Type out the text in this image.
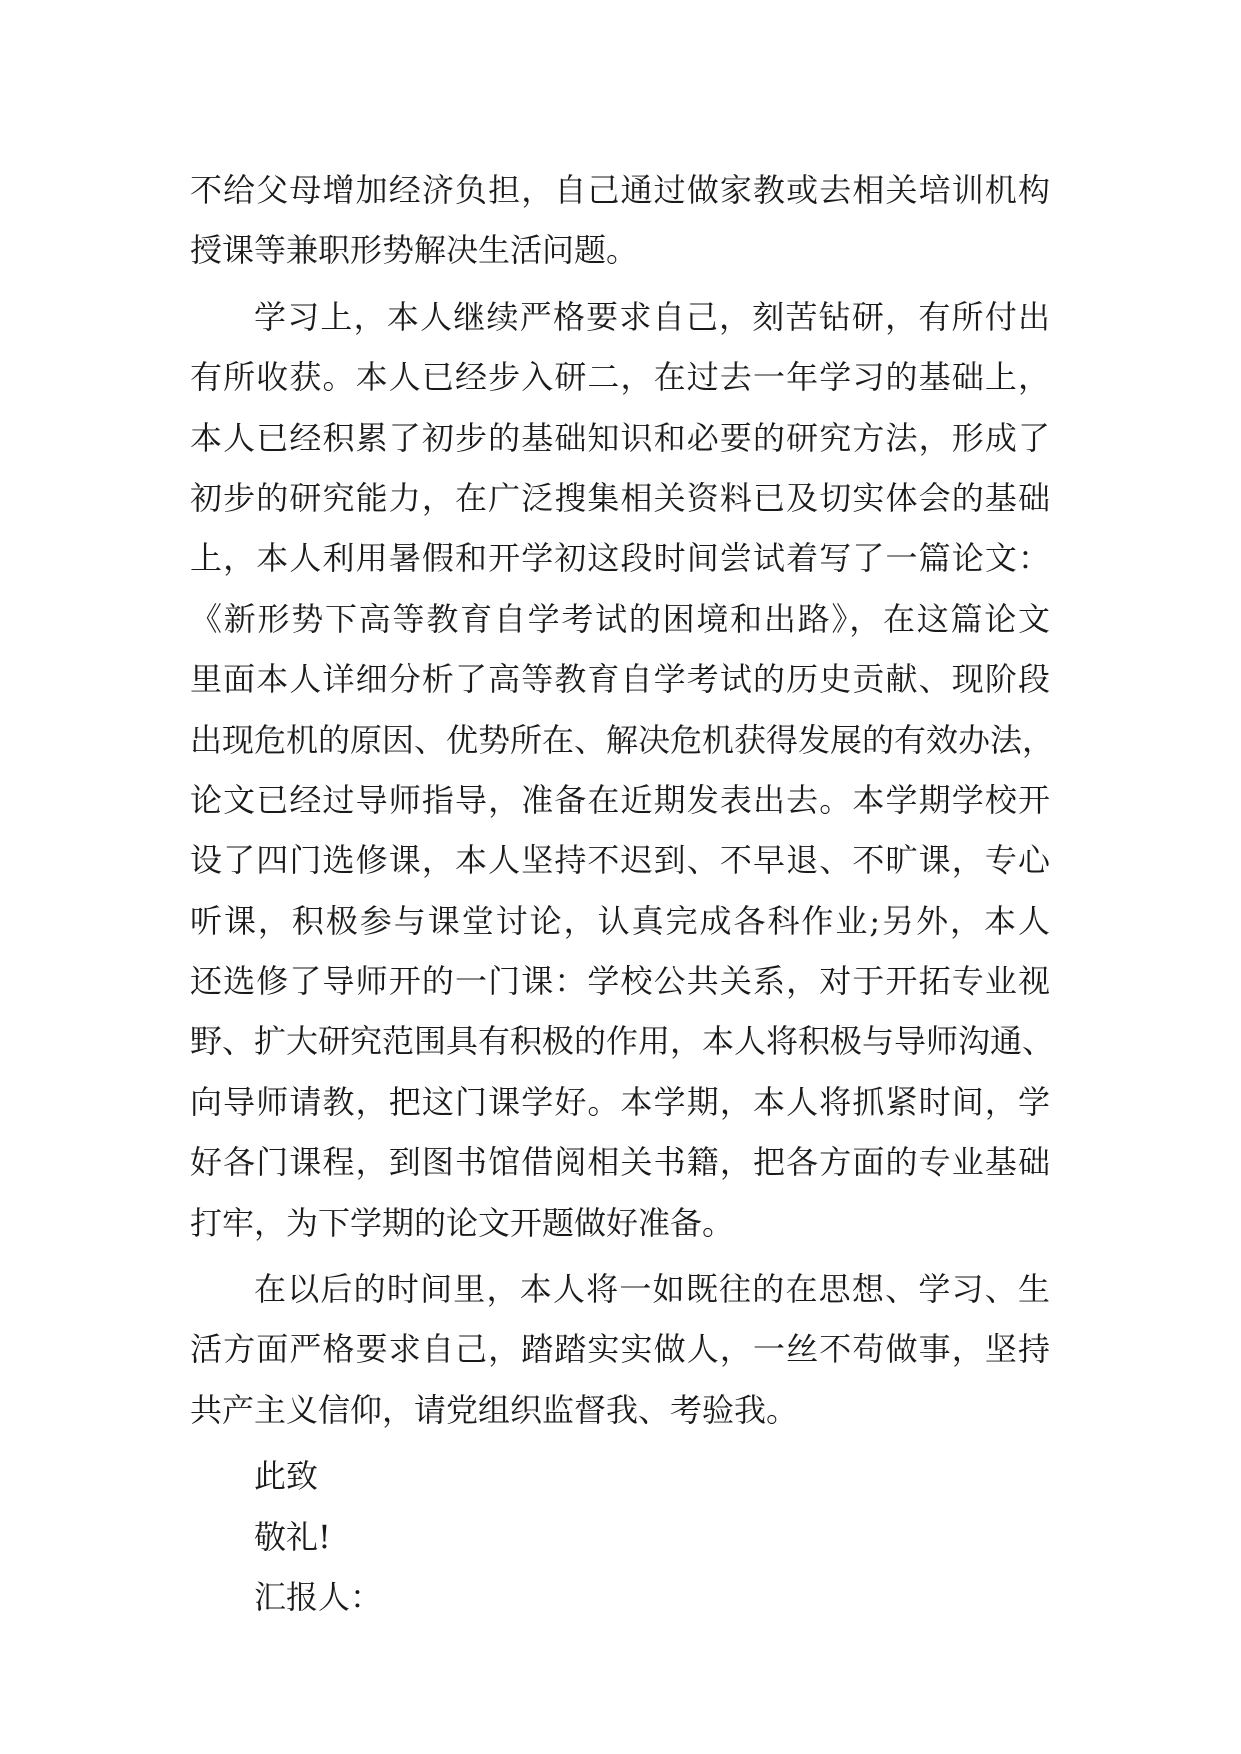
不给父母增加经济负担，自己通过做家教或去相关培训机构
授课等兼职形势解决生活问题。
学习上，本人继续严格要求自己，刻苦钻研，有所付出
有所收获。本人已经步入研二，在过去一年学习的基础上，
本人已经积累了初步的基础知识和必要的研究方法，形成了
初步的研究能力，在广泛搜集相关资料已及切实体会的基础
上，本人利用暑假和开学初这段时间尝试着写了一篇论文：
《新形势下高等教育自学考试的困境和出路》，在这篇论文
里面本人详细分析了高等教育自学考试的历史贡献、现阶段
出现危机的原因、优势所在、解决危机获得发展的有效办法，
论文已经过导师指导，准备在近期发表出去。本学期学校开
设了四门选修课，本人坚持不迟到、不早退、不旷课，专心
听课，积极参与课堂讨论，认真完成各科作业;另外，本人
还选修了导师开的一门课：学校公共关系，对于开拓专业视
野、扩大研究范围具有积极的作用，本人将积极与导师沟通、
向导师请教，把这门课学好。本学期，本人将抓紧时间，学
好各门课程，到图书馆借阅相关书籍，把各方面的专业基础
打牢，为下学期的论文开题做好准备。
在以后的时间里，本人将一如既往的在思想、学习、生
活方面严格要求自己，踏踏实实做人，一丝不苟做事，坚持
共产主义信仰，请党组织监督我、考验我。
此致
敬礼!
汇报人：
